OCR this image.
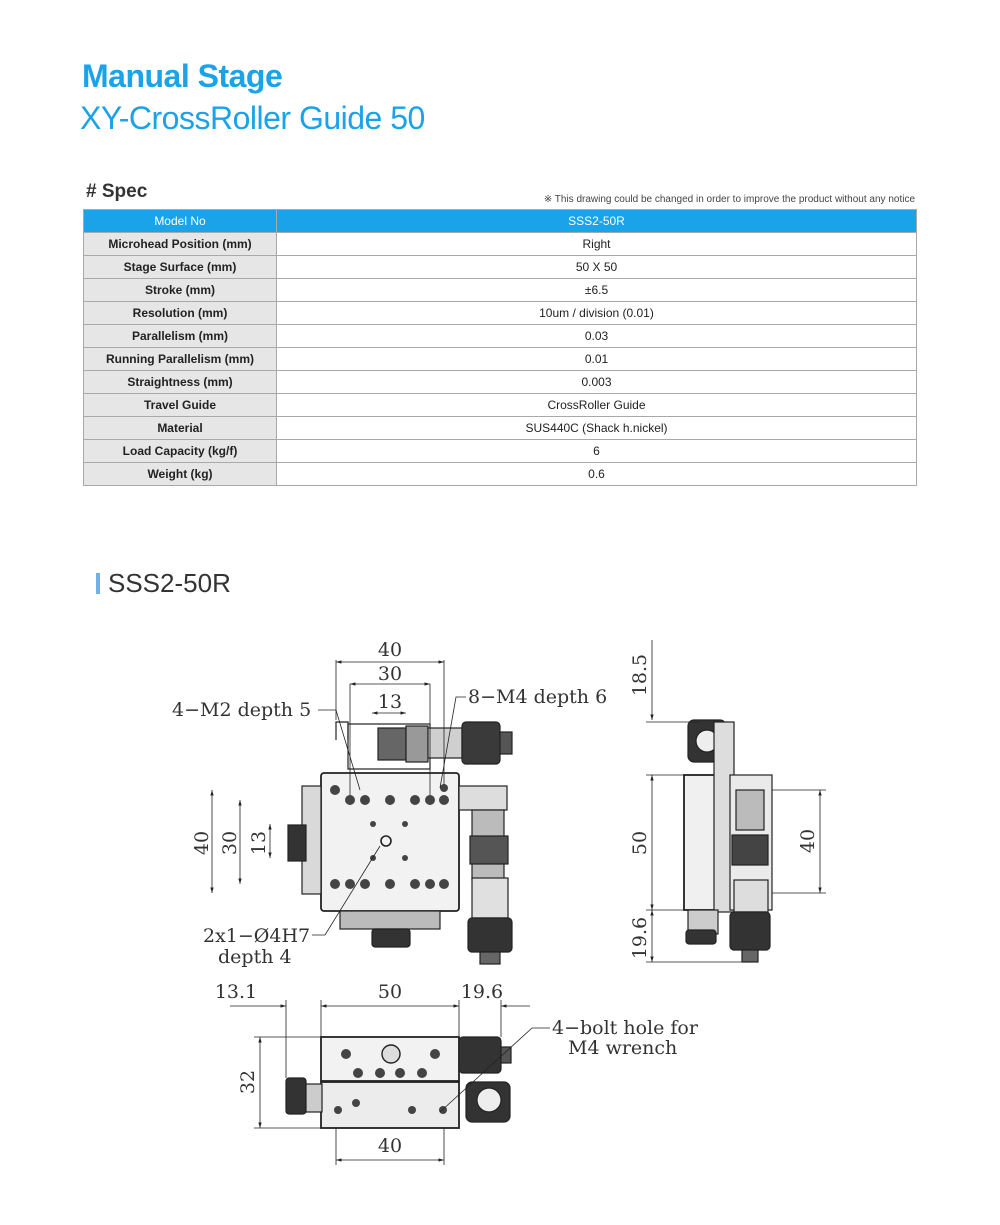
Manual Stage
XY-CrossRoller Guide 50
# Spec	※ This drawing could be changed in order to improve the product without any notice
Model No	SSS2-50R
Microhead Position (mm)	Right
Stage Surface (mm)	50 X 50
Stroke (mm)	±6.5
Resolution (mm)	10um / division (0.01)
Parallelism (mm)	0.03
Running Parallelism (mm)	0.01
Straightness (mm)	0.003
Travel Guide	CrossRoller Guide
Material	SUS440C (Shack h.nickel)
Load Capacity (kg/f)	6
Weight (kg)	0.6
SSS2-50R
40
30
13
40 30 13
4−M2 depth 5
8−M4 depth 6
2x1−Ø4H7
depth 4
18.5
50
19.6
40
13.1	50	19.6
32
40
4−bolt hole for
M4 wrench
